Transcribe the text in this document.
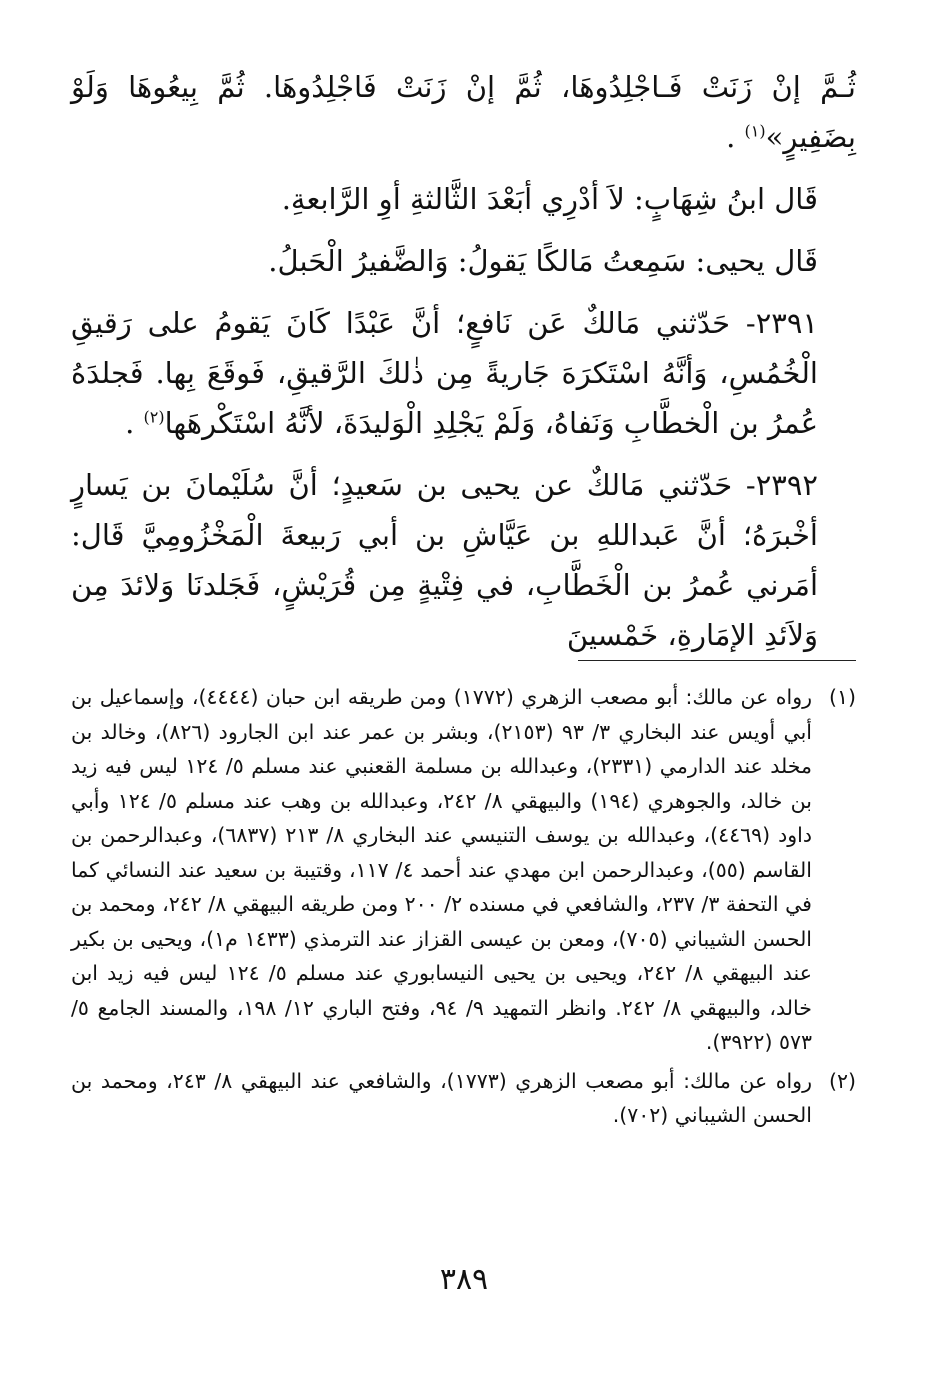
ثُـمَّ إنْ زَنَتْ فَـاجْلِدُوهَا، ثُمَّ إنْ زَنَتْ فَاجْلِدُوهَا. ثُمَّ بِيعُوهَا وَلَوْ بِضَفِيرٍ»$^{(١)}$ .

قَال ابنُ شِهَابٍ: لاَ أدْرِي أبَعْدَ الثَّالثةِ أوِ الرَّابعةِ.

قَال يحيى: سَمِعتُ مَالكًا يَقولُ: وَالضَّفيرُ الْحَبلُ.

٢٣٩١- حَدّثني مَالكٌ عَن نَافعٍ؛ أنَّ عَبْدًا كَانَ يَقومُ على رَقيقِ الْخُمُسِ، وَأنَّهُ اسْتَكرَهَ جَاريةً مِن ذٰلكَ الرَّقيقِ، فَوقَعَ بِها. فَجلدَهُ عُمرُ بن الْخطَّابِ وَنَفاهُ، وَلَمْ يَجْلِدِ الْوَليدَةَ، لأنَّهُ اسْتَكْرهَها$^{(٢)}$ .

٢٣٩٢- حَدّثني مَالكٌ عن يحيى بن سَعيدٍ؛ أنَّ سُلَيْمانَ بن يَسارٍ أخْبرَهُ؛ أنَّ عَبداللهِ بن عَيَّاشِ بن أبي رَبيعةَ الْمَخْزُومِيَّ قَال: أمَرني عُمرُ بن الْخَطَّابِ، في فِتْيةٍ مِن قُرَيْشٍ، فَجَلدنَا وَلائدَ مِن وَلاَئدِ الإمَارةِ، خَمْسينَ

(١)
رواه عن مالك: أبو مصعب الزهري (١٧٧٢) ومن طريقه ابن حبان (٤٤٤٤)، وإسماعيل بن أبي أويس عند البخاري ٣/ ٩٣ (٢١٥٣)، وبشر بن عمر عند ابن الجارود (٨٢٦)، وخالد بن مخلد عند الدارمي (٢٣٣١)، وعبدالله بن مسلمة القعنبي عند مسلم ٥/ ١٢٤ ليس فيه زيد بن خالد، والجوهري (١٩٤) والبيهقي ٨/ ٢٤٢، وعبدالله بن وهب عند مسلم ٥/ ١٢٤ وأبي داود (٤٤٦٩)، وعبدالله بن يوسف التنيسي عند البخاري ٨/ ٢١٣ (٦٨٣٧)، وعبدالرحمن بن القاسم (٥٥)، وعبدالرحمن ابن مهدي عند أحمد ٤/ ١١٧، وقتيبة بن سعيد عند النسائي كما في التحفة ٣/ ٢٣٧، والشافعي في مسنده ٢/ ٢٠٠ ومن طريقه البيهقي ٨/ ٢٤٢، ومحمد بن الحسن الشيباني (٧٠٥)، ومعن بن عيسى القزاز عند الترمذي (١٤٣٣ م١)، ويحيى بن بكير عند البيهقي ٨/ ٢٤٢، ويحيى بن يحيى النيسابوري عند مسلم ٥/ ١٢٤ ليس فيه زيد ابن خالد، والبيهقي ٨/ ٢٤٢. وانظر التمهيد ٩/ ٩٤، وفتح الباري ١٢/ ١٩٨، والمسند الجامع ٥/ ٥٧٣ (٣٩٢٢).
(٢)
رواه عن مالك: أبو مصعب الزهري (١٧٧٣)، والشافعي عند البيهقي ٨/ ٢٤٣، ومحمد بن الحسن الشيباني (٧٠٢).
٣٨٩
